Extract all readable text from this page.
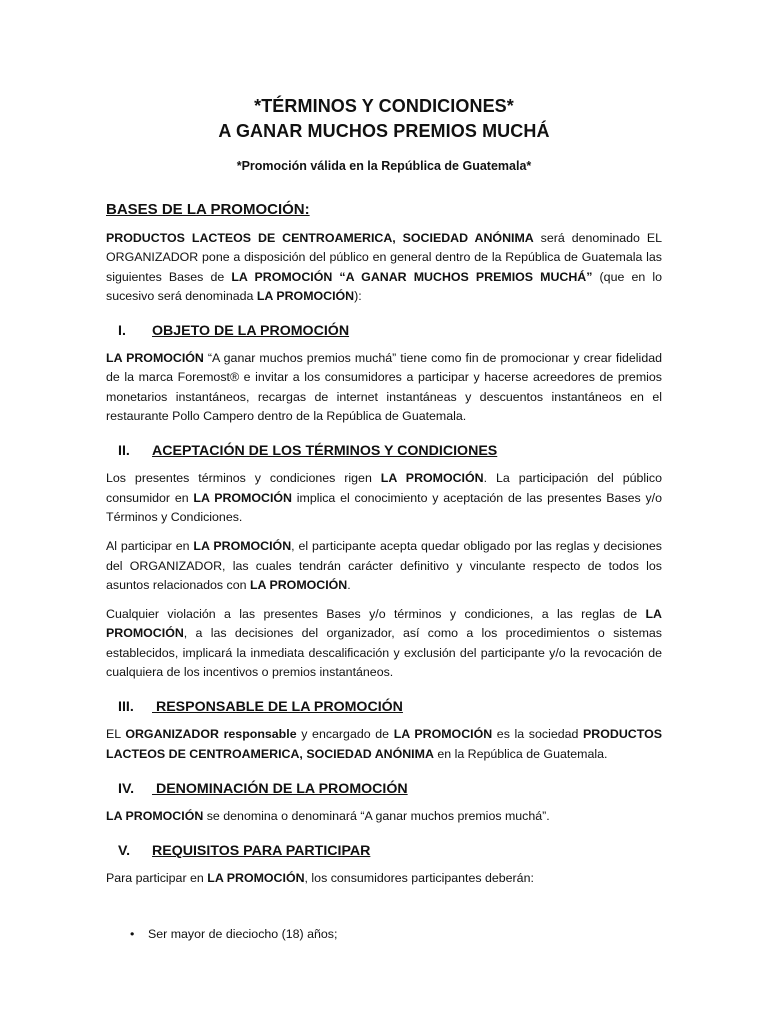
*TÉRMINOS Y CONDICIONES*
A GANAR MUCHOS PREMIOS MUCHÁ
*Promoción válida en la República de Guatemala*
BASES DE LA PROMOCIÓN:

PRODUCTOS LACTEOS DE CENTROAMERICA, SOCIEDAD ANÓNIMA será denominado EL ORGANIZADOR pone a disposición del público en general dentro de la República de Guatemala las siguientes Bases de LA PROMOCIÓN “A GANAR MUCHOS PREMIOS MUCHÁ” (que en lo sucesivo será denominada LA PROMOCIÓN):

I.	OBJETO DE LA PROMOCIÓN

LA PROMOCIÓN “A ganar muchos premios muchá” tiene como fin de promocionar y crear fidelidad de la marca Foremost® e invitar a los consumidores a participar y hacerse acreedores de premios monetarios instantáneos, recargas de internet instantáneas y descuentos instantáneos en el restaurante Pollo Campero dentro de la República de Guatemala.

II.	ACEPTACIÓN DE LOS TÉRMINOS Y CONDICIONES

Los presentes términos y condiciones rigen LA PROMOCIÓN. La participación del público consumidor en LA PROMOCIÓN implica el conocimiento y aceptación de las presentes Bases y/o Términos y Condiciones.

Al participar en LA PROMOCIÓN, el participante acepta quedar obligado por las reglas y decisiones del ORGANIZADOR, las cuales tendrán carácter definitivo y vinculante respecto de todos los asuntos relacionados con LA PROMOCIÓN.

Cualquier violación a las presentes Bases y/o términos y condiciones, a las reglas de LA PROMOCIÓN, a las decisiones del organizador, así como a los procedimientos o sistemas establecidos, implicará la inmediata descalificación y exclusión del participante y/o la revocación de cualquiera de los incentivos o premios instantáneos.

III.	RESPONSABLE DE LA PROMOCIÓN

EL ORGANIZADOR responsable y encargado de LA PROMOCIÓN es la sociedad PRODUCTOS LACTEOS DE CENTROAMERICA, SOCIEDAD ANÓNIMA en la República de Guatemala.

IV.	DENOMINACIÓN DE LA PROMOCIÓN

LA PROMOCIÓN se denomina o denominará “A ganar muchos premios muchá”.

V.	REQUISITOS PARA PARTICIPAR

Para participar en LA PROMOCIÓN, los consumidores participantes deberán:

•	Ser mayor de dieciocho (18) años;
